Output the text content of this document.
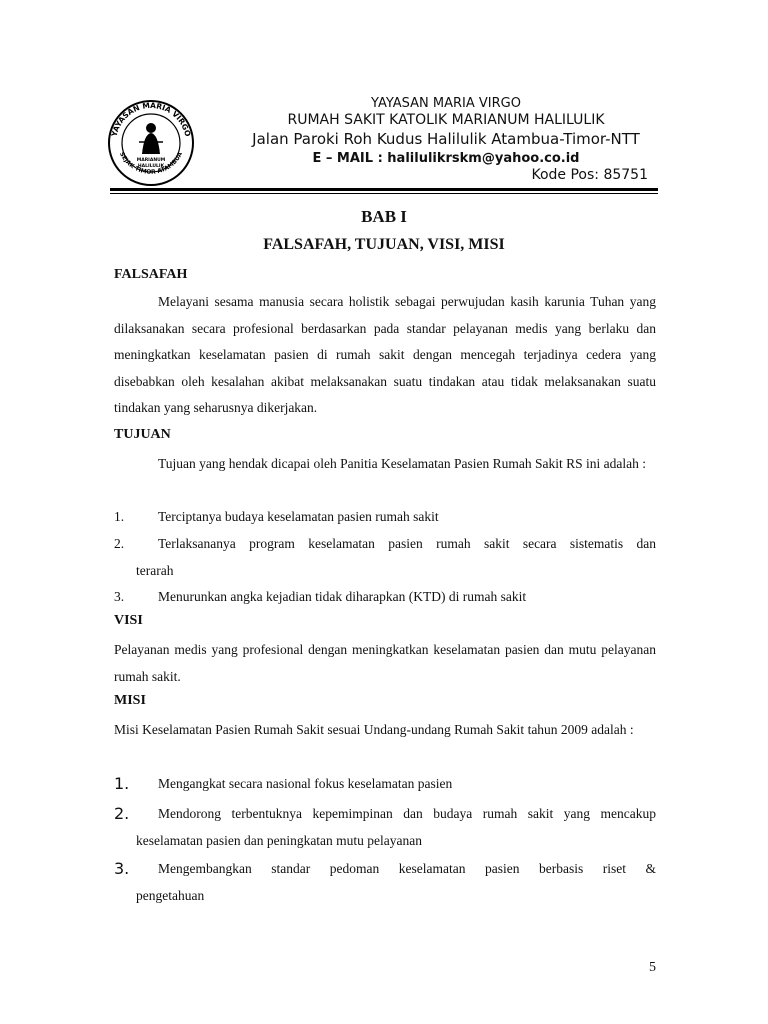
YAYASAN MARIA VIRGO
SEJAK TIMOR ATAMBUA
MARIANUM
HALILULIK
YAYASAN MARIA VIRGO
RUMAH SAKIT KATOLIK MARIANUM HALILULIK
Jalan Paroki Roh Kudus Halilulik Atambua-Timor-NTT
E – MAIL : halilulikrskm@yahoo.co.id
Kode Pos: 85751
BAB I
FALSAFAH, TUJUAN, VISI, MISI
FALSAFAH
Melayani sesama manusia secara holistik sebagai perwujudan kasih karunia Tuhan yang dilaksanakan secara profesional berdasarkan pada standar pelayanan medis yang berlaku dan meningkatkan keselamatan pasien di rumah sakit dengan mencegah terjadinya cedera yang disebabkan oleh kesalahan akibat melaksanakan suatu tindakan atau tidak melaksanakan suatu tindakan yang seharusnya dikerjakan.
TUJUAN
Tujuan yang hendak dicapai oleh Panitia Keselamatan Pasien Rumah Sakit RS ini adalah :
1.	Terciptanya budaya keselamatan pasien rumah sakit
2.	Terlaksananya program keselamatan pasien rumah sakit secara sistematis dan
terarah
3.	Menurunkan angka kejadian tidak diharapkan (KTD) di rumah sakit
VISI
Pelayanan medis yang profesional dengan meningkatkan keselamatan pasien dan mutu pelayanan rumah sakit.
MISI
Misi Keselamatan Pasien Rumah Sakit sesuai Undang-undang Rumah Sakit tahun 2009 adalah :
1.	Mengangkat secara nasional fokus keselamatan pasien
2.	Mendorong terbentuknya kepemimpinan dan budaya rumah sakit yang mencakup
keselamatan pasien dan peningkatan mutu pelayanan
3.	Mengembangkan standar pedoman keselamatan pasien berbasis riset &
pengetahuan
5
